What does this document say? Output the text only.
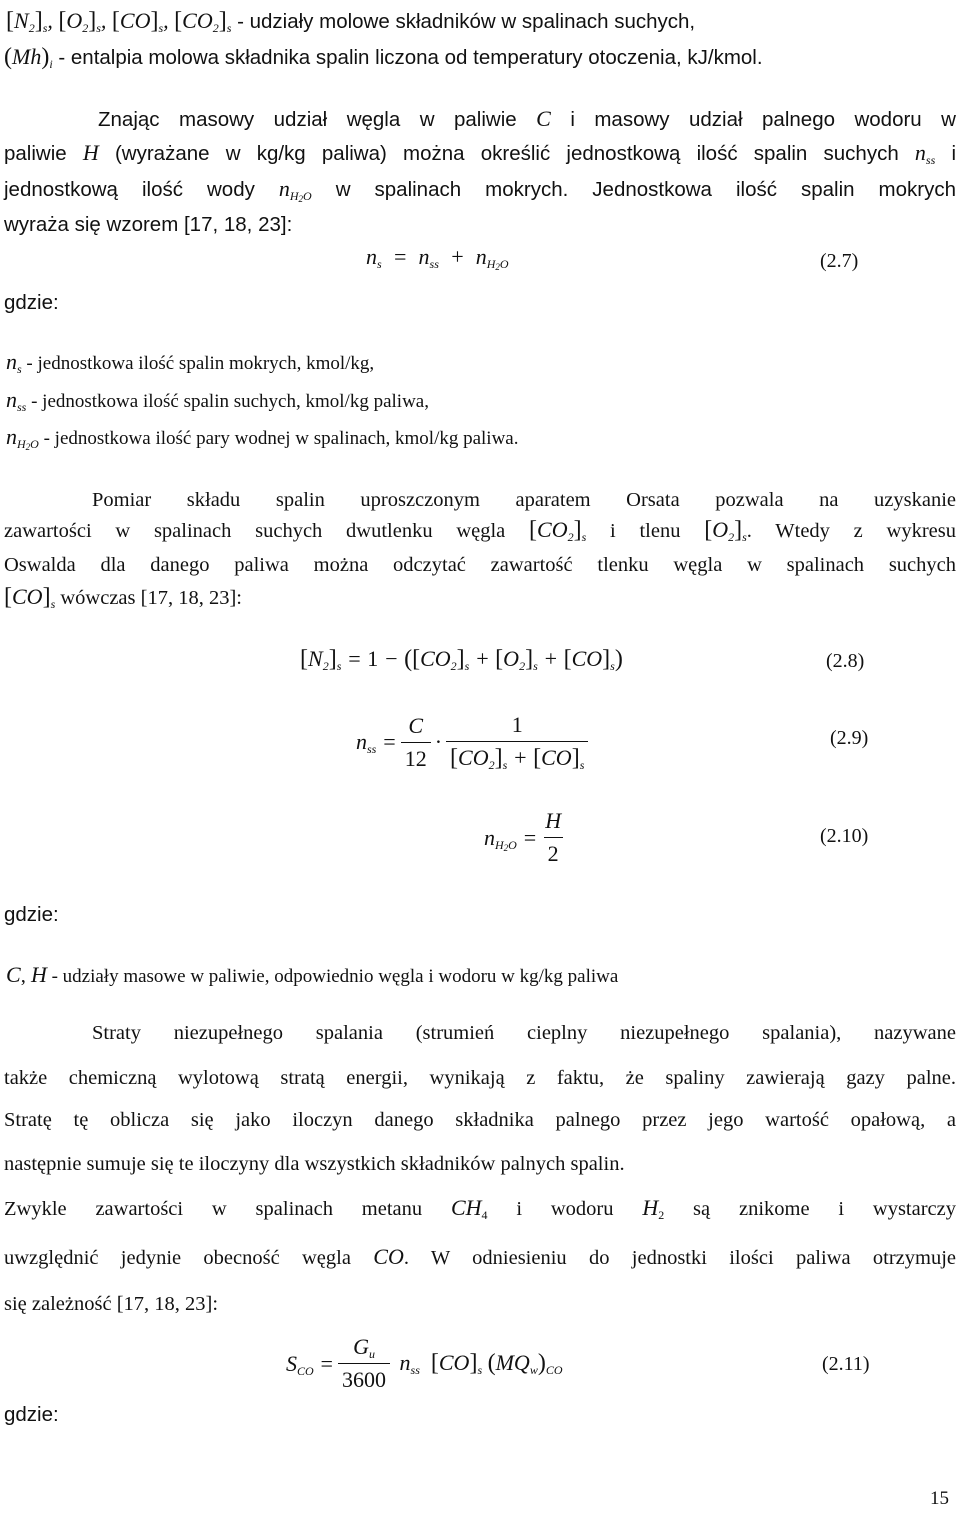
$[N_2]_s$, $[O_2]_s$, $[CO]_s$, $[CO_2]_s$ - udziały molowe składników w spalinach suchych,
$(Mh)_i$ - entalpia molowa składnika spalin liczona od temperatury otoczenia, kJ/kmol.
Znając masowy udział węgla w paliwie C i masowy udział palnego wodoru w
paliwie H (wyrażane w kg/kg paliwa) można określić jednostkową ilość spalin suchych $n_{ss}$ i
jednostkową ilość wody $n_{H_2O}$ w spalinach mokrych. Jednostkowa ilość spalin mokrych
wyraża się wzorem [17, 18, 23]:
$n_s = n_{ss} + n_{H_2O}$	(2.7)
gdzie:
$n_s$ - jednostkowa ilość spalin mokrych, kmol/kg,
$n_{ss}$ - jednostkowa ilość spalin suchych, kmol/kg paliwa,
$n_{H_2O}$ - jednostkowa ilość pary wodnej w spalinach, kmol/kg paliwa.
Pomiar składu spalin uproszczonym aparatem Orsata pozwala na uzyskanie
zawartości w spalinach suchych dwutlenku węgla $[CO_2]_s$ i tlenu $[O_2]_s$. Wtedy z wykresu
Oswalda dla danego paliwa można odczytać zawartość tlenku węgla w spalinach suchych
$[CO]_s$ wówczas [17, 18, 23]:
$[N_2]_s = 1 - ([CO_2]_s + [O_2]_s + [CO]_s)$	(2.8)
$n_{ss} = \frac{C}{12} \cdot \frac{1}{[CO_2]_s + [CO]_s}$	(2.9)
$n_{H_2O} = \frac{H}{2}$	(2.10)
gdzie:
C, H - udziały masowe w paliwie, odpowiednio węgla i wodoru w kg/kg paliwa
Straty niezupełnego spalania (strumień cieplny niezupełnego spalania), nazywane
także chemiczną wylotową stratą energii, wynikają z faktu, że spaliny zawierają gazy palne.
Stratę tę oblicza się jako iloczyn danego składnika palnego przez jego wartość opałową, a
następnie sumuje się te iloczyny dla wszystkich składników palnych spalin.
Zwykle zawartości w spalinach metanu $CH_4$ i wodoru $H_2$ są znikome i wystarczy
uwzględnić jedynie obecność węgla CO. W odniesieniu do jednostki ilości paliwa otrzymuje
się zależność [17, 18, 23]:
$S_{CO} = \frac{G_u}{3600} n_{ss}$ $[CO]_s$ $(MQ_w)_{CO}$	(2.11)
gdzie:
15
